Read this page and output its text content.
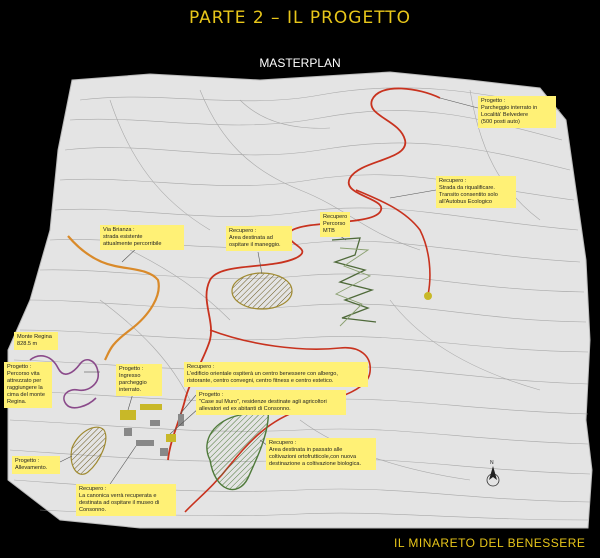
PARTE 2 – IL PROGETTO
MASTERPLAN
N
Progetto :
Parcheggio interrato in
Località' Belvedere
(500 posti auto)
Recupero :
Strada da riqualificare.
Transito consentito solo
all'Autobus Ecologico
Recupero
Percorso
MTB
Recupero :
Area destinata ad
ospitare il maneggio.
Via Brianza :
strada esistente
attualmente percorribile
Monte Regina
828.5 m
Progetto :
Percorso vita
attrezzato per
raggiungere la
cima del monte
Regina.
Progetto :
Ingresso
parcheggio
interrato.
Recupero :
L'edificio orientale ospiterà un centro benessere con albergo,
ristorante, centro convegni, centro fitness e centro estetico.
Progetto :
"Case sul Muro", residenze destinate agli agricoltori
allevatori ed ex abitanti di Consonno.
Recupero :
Area destinata in passato alle
coltivazioni ortofrutticole,con nuova
destinazione a coltivazione biologica.
Progetto :
Allevamento.
Recupero :
La canonica verrà recuperata e
destinata ad ospitare il museo di
Consonno.
IL MINARETO DEL BENESSERE
